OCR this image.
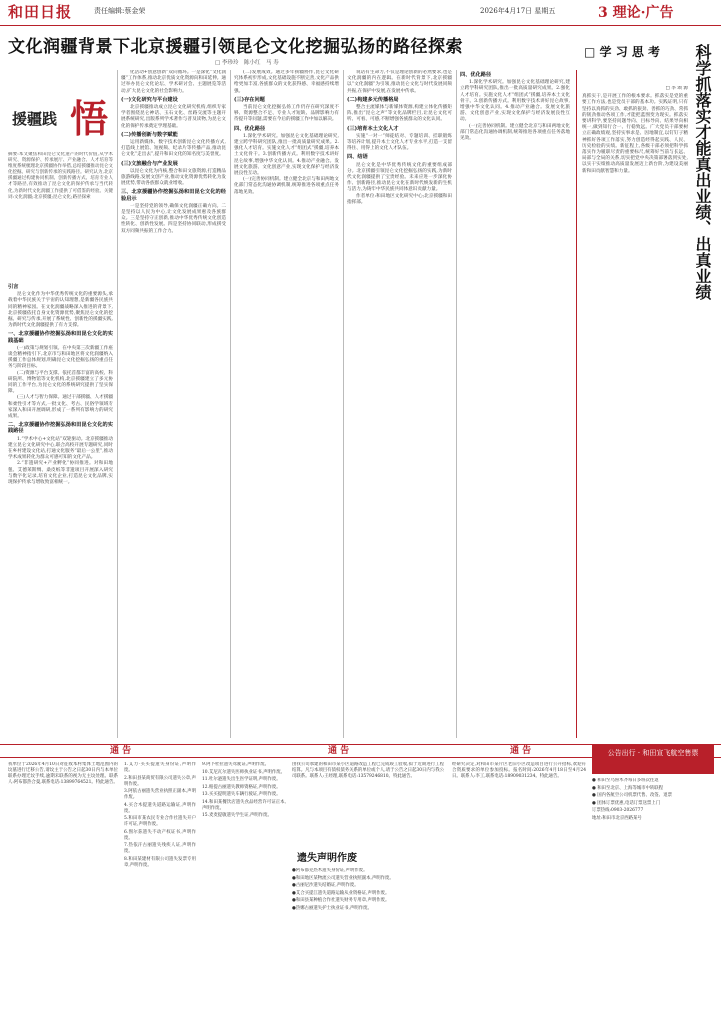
和田日报	责任编辑:蔡金荣	2026年4月17日 星期五	3 理论·广告
文化润疆背景下北京援疆引领昆仑文化挖掘弘扬的路径探索
□ 李珍玲　陈小红　马 寿
援疆践 悟
摘要:本文聚焦和田昆仑文化遗产的时代价值,从学术研究、资源保护、传承展厅、产业融合、人才培育等维度系统梳理北京援疆协作举措,总结援疆推动昆仑文化挖掘、研究与创新传承的实践路径。研究认为,北京援疆通过构建协同机制、创新传播方式、培育专业人才等路径,有效推动了昆仑文化的保护传承与当代转化,为新时代文化润疆工作提供了可借鉴的经验。关键词:文化润疆;北京援疆;昆仑文化;路径探索
引言

昆仑文化作为中华优秀传统文化的重要源头,承载着中华民族关于宇宙的认知理想,是新疆各民族共同的精神家园。在文化润疆战略深入推进的背景下,北京援疆依托自身文化资源优势,聚焦昆仑文化的挖掘、研究与传承,开展了系统性、创新性的援疆实践,为新时代文化润疆提供了有力支撑。

一、北京援疆协作挖掘弘扬和田昆仑文化的实践基础

(一)政策与规划引领。在中央第三次新疆工作座谈会精神指引下,北京市与和田地区将文化润疆纳入援疆工作总体规划,明确昆仑文化挖掘弘扬的重点任务与阶段目标。

(二)资源与平台支撑。依托首都丰富的高校、科研院所、博物馆等文化机构,北京援疆建立了多元协同的工作平台,为昆仑文化的系统研究提供了坚实保障。

(三)人才与智力保障。通过干部援疆、人才援疆和柔性引才等方式,一批文化、考古、民俗学领域专家深入和田开展调研,形成了一系列有影响力的研究成果。

二、北京援疆协作挖掘弘扬和田昆仑文化的实践路径

1.“学术中心+文化站”双轮驱动。北京援疆推动建立昆仑文化研究中心,联合高校开展专题研究,同时在乡村建设文化站,打通文化服务“最后一公里”,推动学术成果转化为群众可感可知的文化产品。

2.“非遗研究+产业孵化”协同推进。对和田地毯、艾德莱斯绸、桑皮纸等非遗项目开展深入研究与数字化记录,培育文化企业,打造昆仑文化品牌,实现保护传承与增收致富相统一。

化活动+创意创新”双向循环。一是深化“文化润疆”工作体系,推动北京优质文化资源向和田延伸。通过举办昆仑文化论坛、学术研讨会、主题展览等活动,扩大昆仑文化的社会影响力。

(一)文化研究与平台建设

北京援疆推动成立昆仑文化研究机构,组织专家学者围绕昆仑神话、玉石文化、丝路交流等主题开展系统研究,出版系列学术著作与普及读物,为昆仑文化的保护传承奠定学理基础。

(二)传播创新与数字赋能

运用新媒体、数字技术创新昆仑文化传播方式,打造线上展馆、短视频、纪录片等传播产品,推动昆仑文化“走出去”,提升和田文化的知名度与美誉度。

(三)文旅融合与产业发展

以昆仑文化为内核,整合和田文旅资源,打造精品旅游线路,发展文创产业,推动文化资源优势转化为发展优势,带动各族群众就业增收。

三、北京援疆协作挖掘弘扬和田昆仑文化的经验启示

一是坚持党的领导,确保文化润疆正确方向。二是坚持以人民为中心,让文化发展成果惠及各族群众。三是坚持守正创新,推动中华优秀传统文化创造性转化、创新性发展。四是坚持协同联动,形成援受双方同频共振的工作合力。

(二)发展成效。通过多年援疆协作,昆仑文化研究体系初步形成,文化基础设施不断完善,文化产品供给更加丰富,各族群众的文化获得感、幸福感持续增强。

(三)存在问题

当前昆仑文化挖掘弘扬工作仍存在研究深度不够、资源整合不足、专业人才短缺、品牌影响力有待提升等问题,需要在今后的援疆工作中加以解决。

四、优化路径

1.深化学术研究。加强昆仑文化基础理论研究,建立跨学科研究团队,推出一批高质量研究成果。2.强化人才培育。实施文化人才“组团式”援疆,培养本土文化骨干。3.创新传播方式。利用数字技术讲好昆仑故事,增强中华文化认同。4.推动产业融合。发展文化旅游、文化创意产业,实现文化保护与经济发展良性互动。

(一)完善协同机制。建立健全北京与和田两地文化部门常态化沟通协调机制,统筹推进各项重点任务落地见效。

说话有生命力,不仅是理论创新的必然要求,也是文化润疆的内在逻辑。在新时代背景下,北京援疆以“文化润疆”为引领,推动昆仑文化与时代发展同频共振,在保护中发展,在发展中传承。

(二)构建多元传播格局

整合主流媒体与新媒体资源,构建立体化传播矩阵,推出“昆仑之声”等文化品牌栏目,让昆仑文化可听、可看、可感,不断增强各族群众的文化认同。

(三)培育本土文化人才

实施“一对一”师徒结对、专题培训、挂职锻炼等培养计划,提升本土文化人才专业水平,打造一支留得住、用得上的文化人才队伍。

四、结语

昆仑文化是中华优秀传统文化的重要组成部分。北京援疆引领昆仑文化挖掘弘扬的实践,为新时代文化润疆提供了宝贵经验。未来应进一步深化协作、创新路径,推动昆仑文化在新时代焕发新的生机与活力,为铸牢中华民族共同体意识贡献力量。

作者单位:和田地区文化研究中心;北京援疆和田指挥部。

四、优化路径

1.深化学术研究。加强昆仑文化基础理论研究,建立跨学科研究团队,推出一批高质量研究成果。2.强化人才培育。实施文化人才“组团式”援疆,培养本土文化骨干。3.创新传播方式。利用数字技术讲好昆仑故事,增强中华文化认同。4.推动产业融合。发展文化旅游、文化创意产业,实现文化保护与经济发展良性互动。

(一)完善协同机制。建立健全北京与和田两地文化部门常态化沟通协调机制,统筹推进各项重点任务落地见效。

□ 学 习 思 考 科学抓落实才能真出业绩、出真业绩
□ 李 颂 源
真抓实干,是开展工作的根本要求。抓落实是党的重要工作方法,也是党员干部的基本功。实践证明,只有坚持以真抓的实劲、敢抓的狠劲、善抓的巧劲、常抓的韧劲推动各项工作,才能把蓝图变为现实。抓落实要讲科学,要坚持问题导向、目标导向、结果导向相统一,做到知行合一、行稳致远。广大党员干部要树立正确政绩观,坚持实事求是、因地制宜,以钉钉子精神抓好各项工作落实,努力创造经得起实践、人民、历史检验的实绩。新征程上,各级干部必须把科学抓落实作为履职尽责的重要标尺,统筹好当前与长远、局部与全局的关系,切实把党中央决策部署落到实处,以实干实绩推动高质量发展迈上新台阶,为建设美丽新和田贡献智慧和力量。
通 告	通 告	通 告	公告出行 · 和田宣飞航空售票
我单位于2026年4月10日对征收本村集体土地范围内的坟墓进行迁移公告,请坟主于公告之日起30日内与本单位联系办理迁坟手续,逾期未联系的视为无主坟处理。联系人:阿布都热合曼,联系电话:13899764521。特此通告。
1.艾力·买买提遗失身份证,声明作废。
2.和田县某商贸有限公司遗失公章,声明作废。
3.阿依古丽遗失营业执照正副本,声明作废。
4.买合木提遗失道路运输证,声明作废。
5.和田市某农民专业合作社遗失开户许可证,声明作废。
6.图尔荪遗失不动产权证书,声明作废。
7.热依汗古丽遗失残疾人证,声明作废。
8.和田某建材有限公司遗失发票专用章,声明作废。
9.阿卜杜拉遗失驾驶证,声明作废。
10.艾尼瓦尔遗失医师执业证书,声明作废。
11.吐尔逊遗失出生医学证明,声明作废。
12.帕提古丽遗失教师资格证,声明作废。
13.买买提明遗失车辆行驶证,声明作废。
14.和田某餐饮店遗失食品经营许可证正本,声明作废。
15.麦麦提敏遗失学生证,声明作废。
由我公司承建的和田市某小区道路改造工程已完成竣工验收,拟于近期进行工程结算。凡与本项目有债权债务关系的单位或个人,请于公告之日起30日内与我公司联系。联系人:王经理,联系电话:13579246810。特此通告。
遗失声明作废
●阿布都克热木遗失身份证,声明作废。
●和田地区某物流公司遗失营业执照副本,声明作废。
●古丽尼沙遗失结婚证,声明作废。
●艾合买提江遗失道路运输从业资格证,声明作废。
●和田县某种植合作社遗失财务专用章,声明作废。
●热娜古丽遗失护士执业证书,声明作废。
经研究决定,对和田市某片区老旧小区改造项目进行公开招标,欢迎符合资质要求的单位参加投标。报名时间:2026年4月18日至4月24日。联系人:李工,联系电话:18909031234。特此通告。
● 和田至乌鲁木齐每日多班次往返
● 和田至北京、上海等城市中转联程
● 国内各航空公司机票代售、改签、退票
● 团体订票优惠,电话订票送票上门
订票热线:0903-2026777
地址:和田市北京西路某号
